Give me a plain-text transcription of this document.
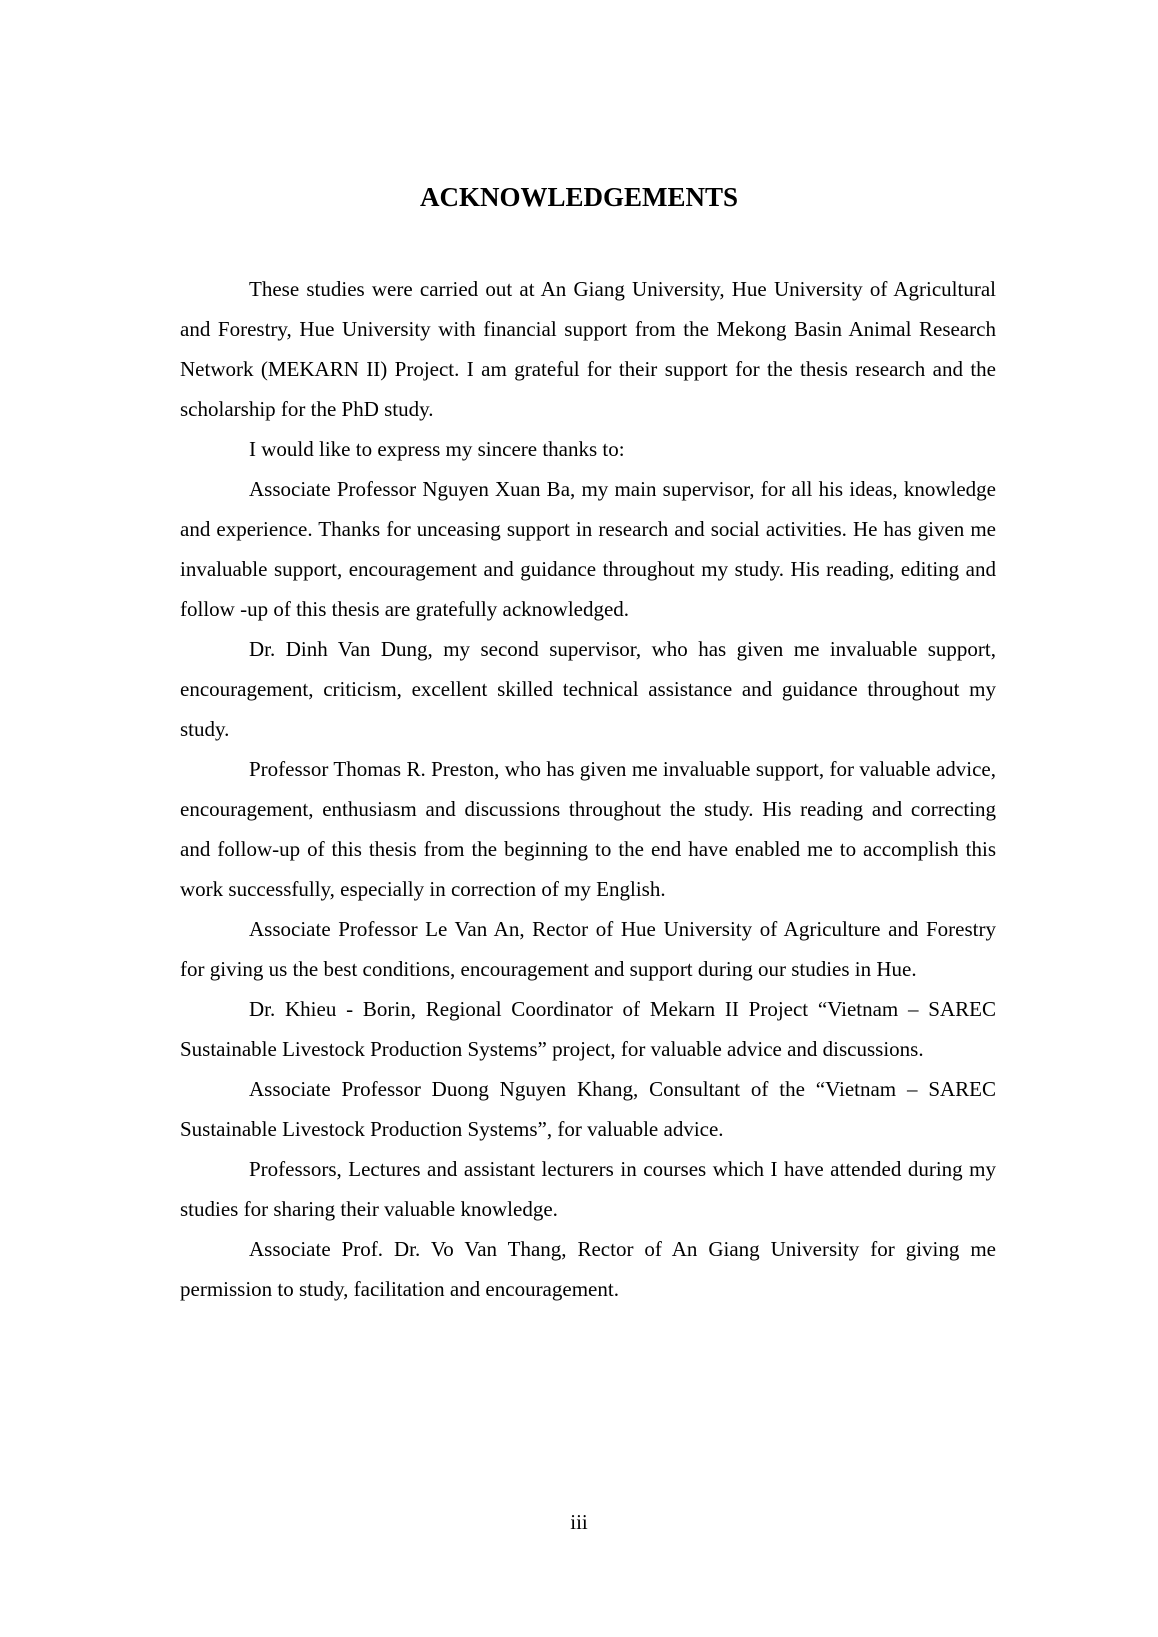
ACKNOWLEDGEMENTS

These studies were carried out at An Giang University, Hue University of Agricultural and Forestry, Hue University with financial support from the Mekong Basin Animal Research Network (MEKARN II) Project. I am grateful for their support for the thesis research and the scholarship for the PhD study.

I would like to express my sincere thanks to:

Associate Professor Nguyen Xuan Ba, my main supervisor, for all his ideas, knowledge and experience. Thanks for unceasing support in research and social activities. He has given me invaluable support, encouragement and guidance throughout my study. His reading, editing and follow -up of this thesis are gratefully acknowledged.

Dr. Dinh Van Dung, my second supervisor, who has given me invaluable support, encouragement, criticism, excellent skilled technical assistance and guidance throughout my study.

Professor Thomas R. Preston, who has given me invaluable support, for valuable advice, encouragement, enthusiasm and discussions throughout the study. His reading and correcting and follow-up of this thesis from the beginning to the end have enabled me to accomplish this work successfully, especially in correction of my English.

Associate Professor Le Van An, Rector of Hue University of Agriculture and Forestry for giving us the best conditions, encouragement and support during our studies in Hue.

Dr. Khieu - Borin, Regional Coordinator of Mekarn II Project “Vietnam – SAREC Sustainable Livestock Production Systems” project, for valuable advice and discussions.

Associate Professor Duong Nguyen Khang, Consultant of the “Vietnam – SAREC Sustainable Livestock Production Systems”, for valuable advice.

Professors, Lectures and assistant lecturers in courses which I have attended during my studies for sharing their valuable knowledge.

Associate Prof. Dr. Vo Van Thang, Rector of An Giang University for giving me permission to study, facilitation and encouragement.

iii
